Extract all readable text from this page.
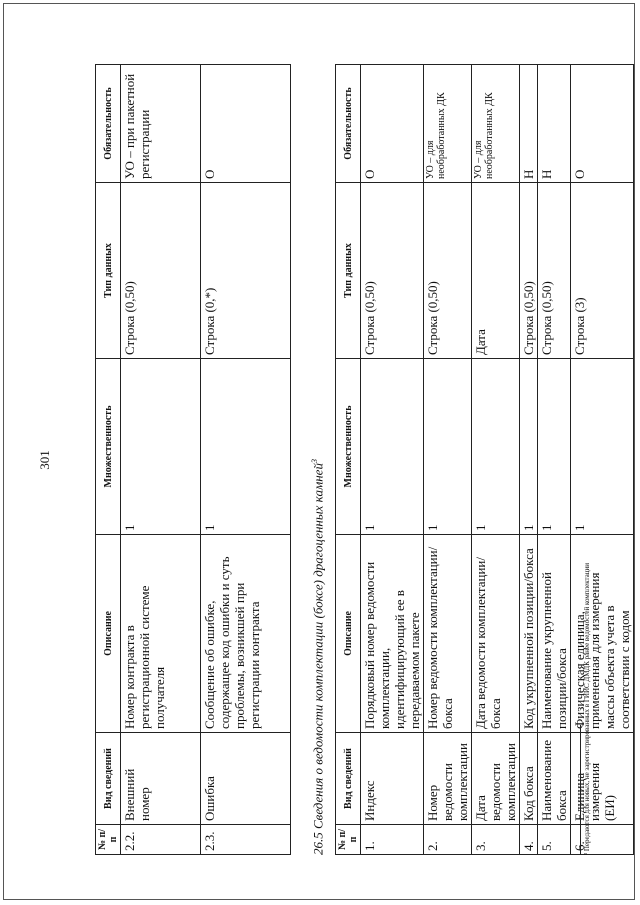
301
№ п/п	Вид сведений	Описание	Множественность	Тип данных	Обязательность
2.2.	Внешний номер	Номер контракта в регистрационной системе получателя	1	Строка (0,50)	УО – при пакетной регистрации
2.3.	Ошибка	Сообщение об ошибке, содержащее код ошибки и суть проблемы, возникшей при регистрации контракта	1	Строка (0,*)	О
26.5 Сведения о ведомости комплектации (боксе) драгоценных камней$^3$
№ п/п	Вид сведений	Описание	Множественность	Тип данных	Обязательность
1.	Индекс	Порядковый номер ведомости комплектации, идентифицирующий ее в передаваемом пакете	1	Строка (0,50)	О
2.	Номер ведомости комплектации	Номер ведомости комплектации/бокса	1	Строка (0,50)	УО – для необработанных ДК
3.	Дата ведомости комплектации	Дата ведомости комплектации/бокса	1	Дата	УО – для необработанных ДК
4.	Код бокса	Код укрупненной позиции/бокса	1	Строка (0,50)	Н
5.	Наименование бокса	Наименование укрупненной позиции/бокса	1	Строка (0,50)	Н
6.	Единица измерения (ЕИ)	Физическая единица, примененная для измерения массы объекта учета в соответствии с кодом	1	Строка (3)	О
³ Передаются для новых, не зарегистрированных в ГИИС ДМДК ранее ведомостей комплектации
